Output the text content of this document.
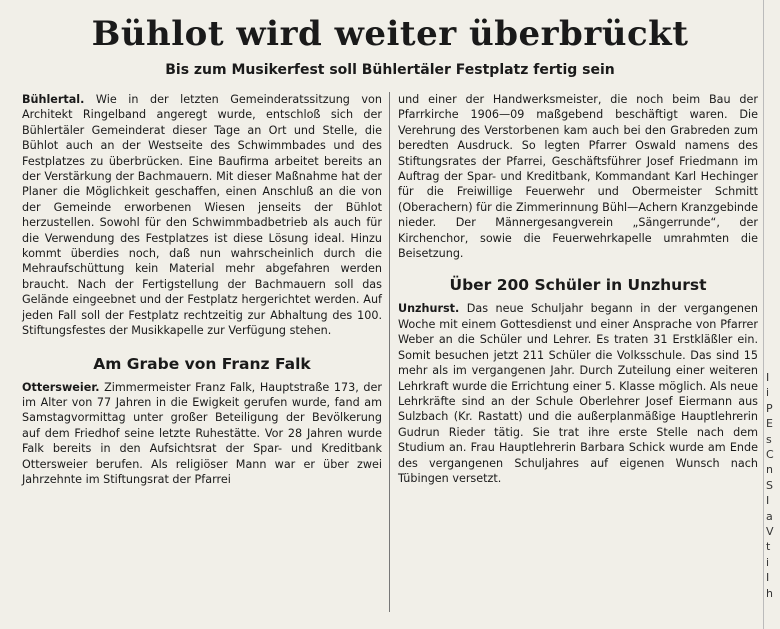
Bühlot wird weiter überbrückt
Bis zum Musikerfest soll Bühlertäler Festplatz fertig sein

Bühlertal. Wie in der letzten Gemeinderatssitzung von Architekt Ringelband angeregt wurde, entschloß sich der Bühlertäler Gemeinderat dieser Tage an Ort und Stelle, die Bühlot auch an der Westseite des Schwimmbades und des Festplatzes zu überbrücken. Eine Baufirma arbeitet bereits an der Verstärkung der Bachmauern. Mit dieser Maßnahme hat der Planer die Möglichkeit geschaffen, einen Anschluß an die von der Gemeinde erworbenen Wiesen jenseits der Bühlot herzustellen. Sowohl für den Schwimmbadbetrieb als auch für die Verwendung des Festplatzes ist diese Lösung ideal. Hinzu kommt überdies noch, daß nun wahrscheinlich durch die Mehraufschüttung kein Material mehr abgefahren werden braucht. Nach der Fertigstellung der Bachmauern soll das Gelände eingeebnet und der Festplatz hergerichtet werden. Auf jeden Fall soll der Festplatz rechtzeitig zur Abhaltung des 100. Stiftungsfestes der Musikkapelle zur Verfügung stehen.

Am Grabe von Franz Falk

Ottersweier. Zimmermeister Franz Falk, Hauptstraße 173, der im Alter von 77 Jahren in die Ewigkeit gerufen wurde, fand am Samstagvormittag unter großer Beteiligung der Bevölkerung auf dem Friedhof seine letzte Ruhestätte. Vor 28 Jahren wurde Falk bereits in den Aufsichtsrat der Spar- und Kreditbank Ottersweier berufen. Als religiöser Mann war er über zwei Jahrzehnte im Stiftungsrat der Pfarrei

und einer der Handwerksmeister, die noch beim Bau der Pfarrkirche 1906—09 maßgebend beschäftigt waren. Die Verehrung des Verstorbenen kam auch bei den Grabreden zum beredten Ausdruck. So legten Pfarrer Oswald namens des Stiftungsrates der Pfarrei, Geschäftsführer Josef Friedmann im Auftrag der Spar- und Kreditbank, Kommandant Karl Hechinger für die Freiwillige Feuerwehr und Obermeister Schmitt (Oberachern) für die Zimmerinnung Bühl—Achern Kranzgebinde nieder. Der Männergesangverein „Sängerrunde“, der Kirchenchor, sowie die Feuerwehrkapelle umrahmten die Beisetzung.

Über 200 Schüler in Unzhurst

Unzhurst. Das neue Schuljahr begann in der vergangenen Woche mit einem Gottesdienst und einer Ansprache von Pfarrer Weber an die Schüler und Lehrer. Es traten 31 Erstkläßler ein. Somit besuchen jetzt 211 Schüler die Volksschule. Das sind 15 mehr als im vergangenen Jahr. Durch Zuteilung einer weiteren Lehrkraft wurde die Errichtung einer 5. Klasse möglich. Als neue Lehrkräfte sind an der Schule Oberlehrer Josef Eiermann aus Sulzbach (Kr. Rastatt) und die außerplanmäßige Hauptlehrerin Gudrun Rieder tätig. Sie trat ihre erste Stelle nach dem Studium an. Frau Hauptlehrerin Barbara Schick wurde am Ende des vergangenen Schuljahres auf eigenen Wunsch nach Tübingen versetzt.

I
i
P
E
s
C
n
S
I
a
V
t
i
I
h
